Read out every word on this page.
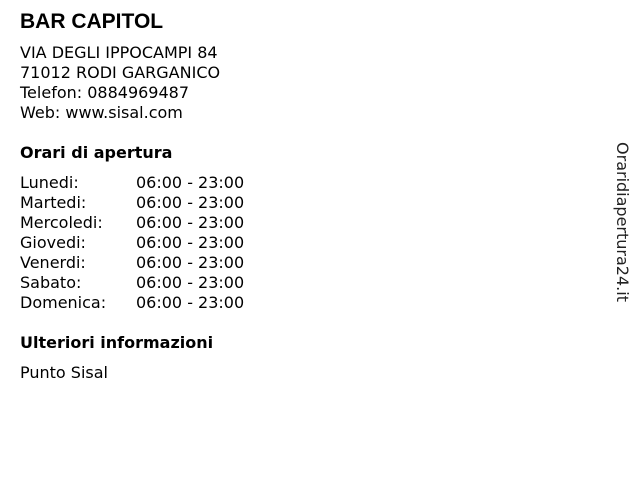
BAR CAPITOL
VIA DEGLI IPPOCAMPI 84
71012 RODI GARGANICO
Telefon: 0884969487
Web: www.sisal.com
Orari di apertura
Lunedi:	06:00 - 23:00
Martedi:	06:00 - 23:00
Mercoledi:	06:00 - 23:00
Giovedi:	06:00 - 23:00
Venerdi:	06:00 - 23:00
Sabato:	06:00 - 23:00
Domenica:	06:00 - 23:00
Ulteriori informazioni
Punto Sisal
Oraridiapertura24.it
